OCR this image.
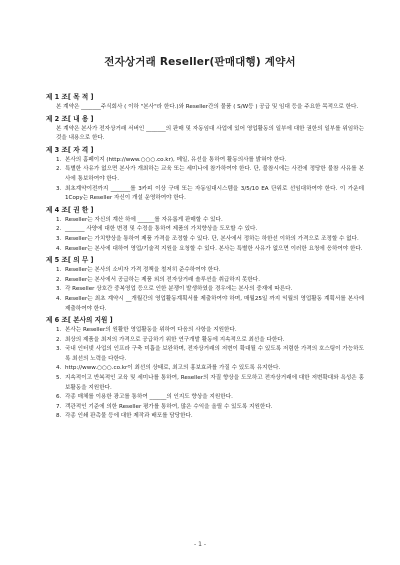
전자상거래 Reseller(판매대행) 계약서
제 1 조[ 목 적 ]
본 계약은 _______주식회사 ( 이하 "본사"라 한다.)와 Reseller간의 물품 ( S/W등 ) 공급 및 임대 등을 주요한 목적으로 한다.
제 2 조[ 내 용 ]
본 계약은 본사가 전자상거래 서버인 _______의 판매 및 자동임대 사업에 있어 영업활동의 일부에 대한 권한의 일부를 위임하는 것을 내용으로 한다.
제 3 조[ 자 격 ]
1. 본사의 홈페이지 (http://www.○○○.co.kr), 메일, 유선을 통하여 활동의사를 밝혀야 한다.
2. 특별한 사유가 없으면 본사가 개최하는 교육 또는 세미나에 참가하여야 한다. 단, 불참시에는 사전에 정당한 불참 사유를 본사에 통보하여야 한다.
3. 최초계약이전까지 _______를 3카피 이상 구매 또는 자동임대시스템을 3/5/10 EA 단위로 선임대하여야 한다. 이 가운데 1Copy는 Reseller 자신이 개설 운영하여야 한다.
제 4 조[ 권 한 ]
1. Reseller는 자신의 계산 하에 ______를 자유롭게 판매할 수 있다.
2. _______ 사양에 대한 변경 및 수정을 통하여 제품의 가치향상을 도모할 수 있다.
3. Reseller는 가치향상을 통하여 제품 가격을 조정할 수 있다. 단, 본사에서 정하는 하한선 이하의 가격으로 조정할 수 없다.
4. Reseller는 본사에 대하여 영업/기술적 지원을 요청할 수 있다. 본사는 특별한 사유가 없으면 이러한 요청에 응하여야 한다.
제 5 조[ 의 무 ]
1. Reseller는 본사의 소비자 가격 정책을 철저히 준수하여야 한다.
2. Reseller는 본사에서 공급하는 제품 외의 전자상거래 솔루션을 취급하지 못한다.
3. 각 Reseller 상호간 중복영업 등으로 인한 분쟁이 발생하였을 경우에는 본사의 중재에 따른다.
4. Reseller는 최초 계약시 __개월간의 영업활동계획서를 제출하여야 하며, 매월25일 까지 익월의 영업활동 계획서를 본사에 제출하여야 한다.
제 6 조[ 본사의 지원 ]
1. 본사는 Reseller의 원활한 영업활동을 위하여 다음의 사항을 지원한다.
2. 최상의 제품을 최저의 가격으로 공급하기 위한 연구개발 활동에 지속적으로 최선을 다한다.
3. 국내 인터넷 사업의 인프라 구축 미흡을 보완하며, 전자상거래의 저변이 확대될 수 있도록 저렴한 가격의 호스팅이 가능하도록 최선의 노력을 다한다.
4. http://www.○○○.co.kr이 최선의 상태로, 최고의 홍보효과를 가질 수 있도록 유지한다.
5. 지속적이고 반복적인 교육 및 세미나를 통하여, Reseller의 자질 향상을 도모하고 전자상거래에 대한 저변확대와 욕성은 홍보활동을 지원한다.
6. 각종 매체를 이용한 광고를 통하여 ______의 인지도 향상을 지원한다.
7. 객관적인 기준에 의한 Reseller 평가를 통하여, 많은 수익을 올릴 수 있도록 지원한다.
8. 각종 인쇄 판촉물 등에 대한 제작과 배포를 담당한다.
- 1 -
